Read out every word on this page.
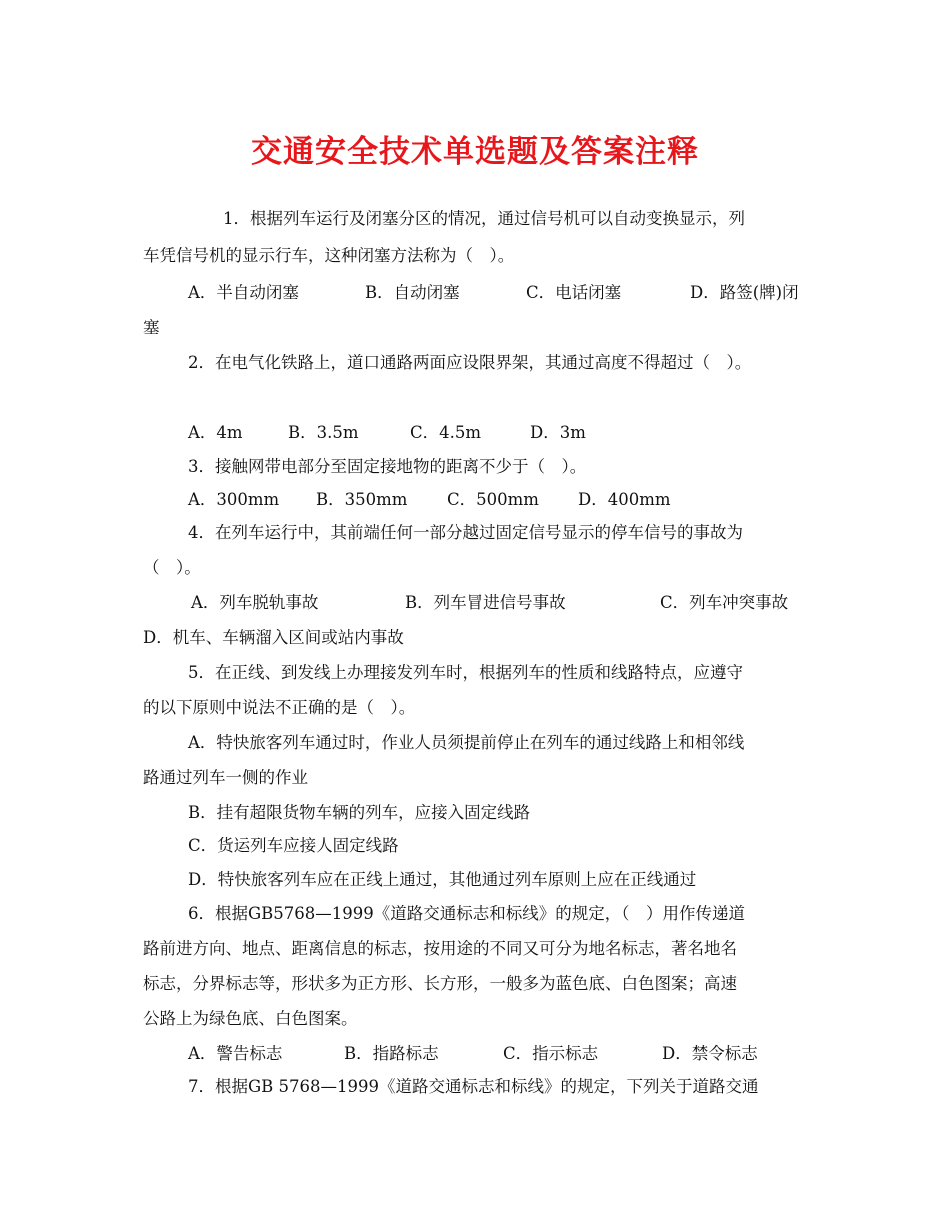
交通安全技术单选题及答案注释
1．根据列车运行及闭塞分区的情况，通过信号机可以自动变换显示，列
车凭信号机的显示行车，这种闭塞方法称为（　）。
A．半自动闭塞	B．自动闭塞	C．电话闭塞	D．路签(牌)闭
塞
2．在电气化铁路上，道口通路两面应设限界架，其通过高度不得超过（　）。
A．4m	B．3.5m	C．4.5m	D．3m
3．接触网带电部分至固定接地物的距离不少于（　）。
A．300mm B．350mm C．500mm D．400mm
4．在列车运行中，其前端任何一部分越过固定信号显示的停车信号的事故为
（　）。
A．列车脱轨事故	B．列车冒进信号事故	C．列车冲突事故
D．机车、车辆溜入区间或站内事故
5．在正线、到发线上办理接发列车时，根据列车的性质和线路特点，应遵守
的以下原则中说法不正确的是（　）。
A．特快旅客列车通过时，作业人员须提前停止在列车的通过线路上和相邻线
路通过列车一侧的作业
B．挂有超限货物车辆的列车，应接入固定线路
C．货运列车应接人固定线路
D．特快旅客列车应在正线上通过，其他通过列车原则上应在正线通过
6．根据GB5768—1999《道路交通标志和标线》的规定，（　）用作传递道
路前进方向、地点、距离信息的标志，按用途的不同又可分为地名标志，著名地名
标志，分界标志等，形状多为正方形、长方形，一般多为蓝色底、白色图案；高速
公路上为绿色底、白色图案。
A．警告标志	B．指路标志	C．指示标志	D．禁令标志
7．根据GB 5768—1999《道路交通标志和标线》的规定，下列关于道路交通
